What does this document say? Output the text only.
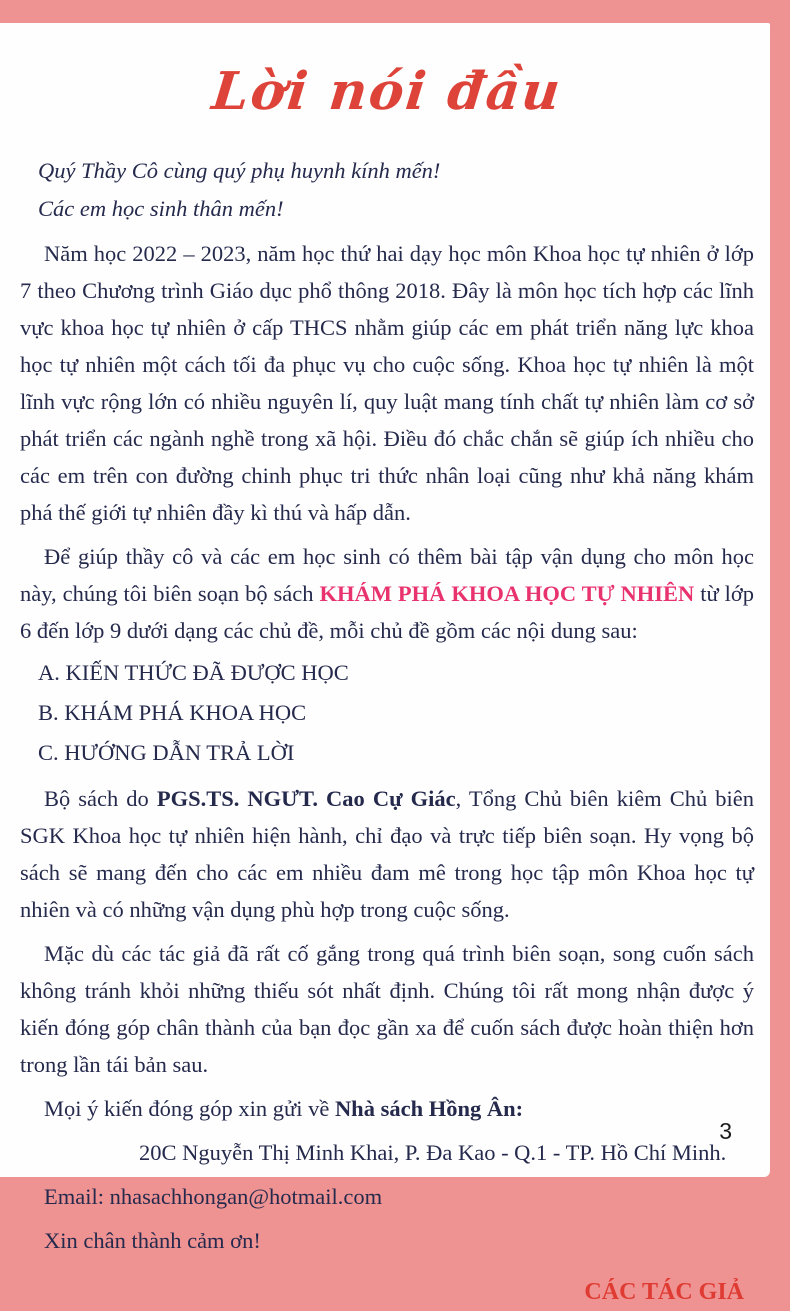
Lời nói đầu

Quý Thầy Cô cùng quý phụ huynh kính mến!

Các em học sinh thân mến!

Năm học 2022 – 2023, năm học thứ hai dạy học môn Khoa học tự nhiên ở lớp 7 theo Chương trình Giáo dục phổ thông 2018. Đây là môn học tích hợp các lĩnh vực khoa học tự nhiên ở cấp THCS nhằm giúp các em phát triển năng lực khoa học tự nhiên một cách tối đa phục vụ cho cuộc sống. Khoa học tự nhiên là một lĩnh vực rộng lớn có nhiều nguyên lí, quy luật mang tính chất tự nhiên làm cơ sở phát triển các ngành nghề trong xã hội. Điều đó chắc chắn sẽ giúp ích nhiều cho các em trên con đường chinh phục tri thức nhân loại cũng như khả năng khám phá thế giới tự nhiên đầy kì thú và hấp dẫn.

Để giúp thầy cô và các em học sinh có thêm bài tập vận dụng cho môn học này, chúng tôi biên soạn bộ sách KHÁM PHÁ KHOA HỌC TỰ NHIÊN từ lớp 6 đến lớp 9 dưới dạng các chủ đề, mỗi chủ đề gồm các nội dung sau:

A. KIẾN THỨC ĐÃ ĐƯỢC HỌC
B. KHÁM PHÁ KHOA HỌC
C. HƯỚNG DẪN TRẢ LỜI

Bộ sách do PGS.TS. NGƯT. Cao Cự Giác, Tổng Chủ biên kiêm Chủ biên SGK Khoa học tự nhiên hiện hành, chỉ đạo và trực tiếp biên soạn. Hy vọng bộ sách sẽ mang đến cho các em nhiều đam mê trong học tập môn Khoa học tự nhiên và có những vận dụng phù hợp trong cuộc sống.

Mặc dù các tác giả đã rất cố gắng trong quá trình biên soạn, song cuốn sách không tránh khỏi những thiếu sót nhất định. Chúng tôi rất mong nhận được ý kiến đóng góp chân thành của bạn đọc gần xa để cuốn sách được hoàn thiện hơn trong lần tái bản sau.

Mọi ý kiến đóng góp xin gửi về Nhà sách Hồng Ân:

20C Nguyễn Thị Minh Khai, P. Đa Kao - Q.1 - TP. Hồ Chí Minh.

Email: nhasachhongan@hotmail.com

Xin chân thành cảm ơn!

CÁC TÁC GIẢ

3
